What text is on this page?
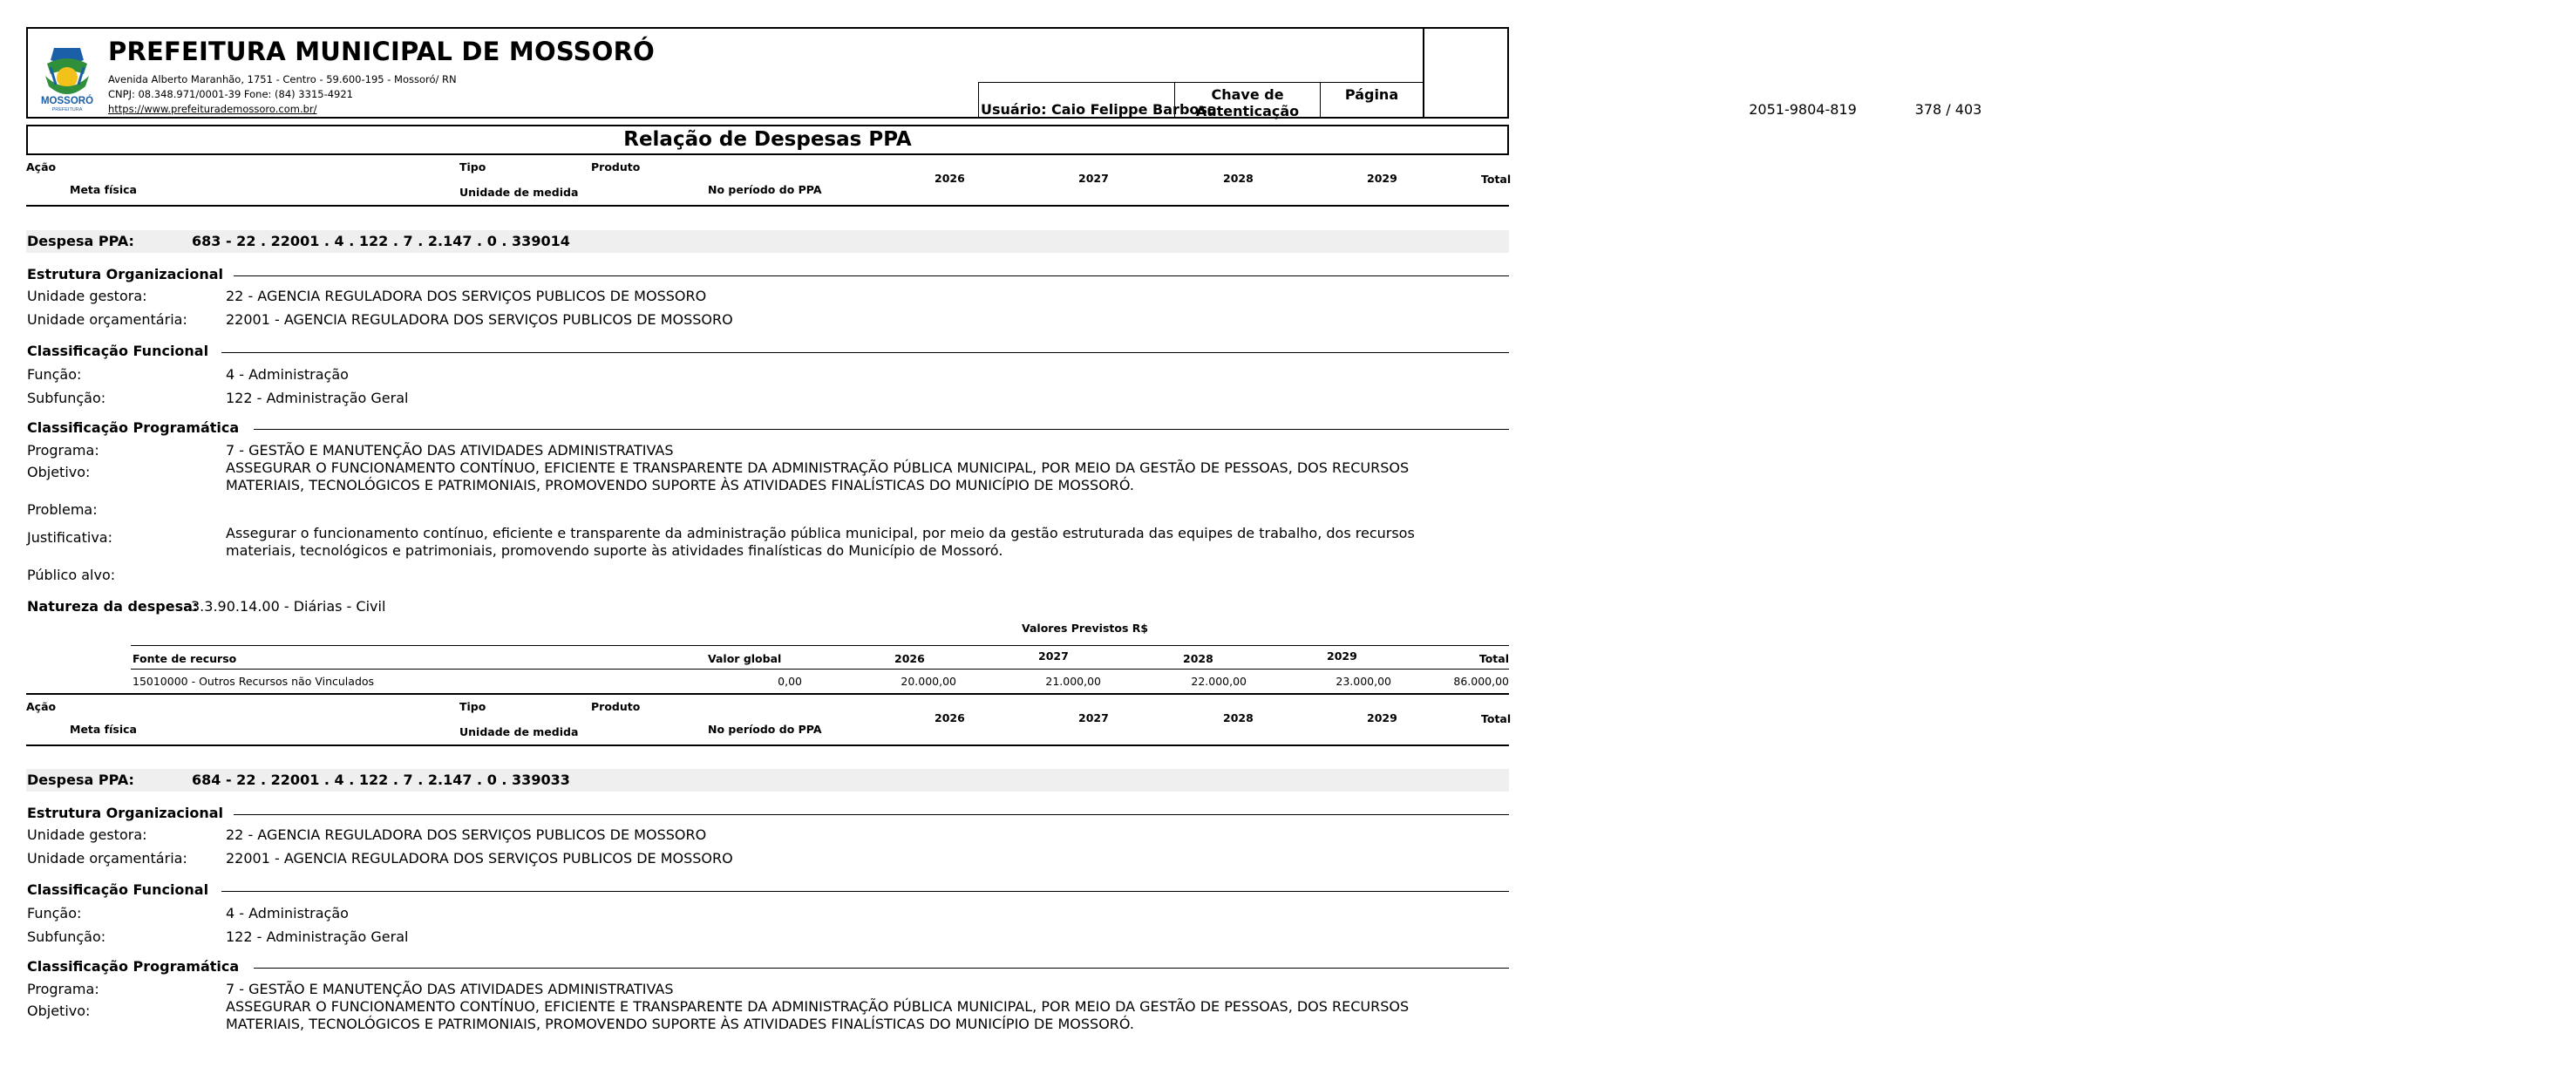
MOSSORÓ
PREFEITURA
PREFEITURA MUNICIPAL DE MOSSORÓ
Avenida Alberto Maranhão, 1751 - Centro - 59.600-195 - Mossoró/ RN
CNPJ: 08.348.971/0001-39 Fone: (84) 3315-4921
https://www.prefeiturademossoro.com.br/	Usuário: Caio Felippe Barbosa
Chave de Autenticação	2051-9804-819
Página
378 / 403
Relação de Despesas PPA
Ação
Meta física
Tipo
Unidade de medida
Produto
No período do PPA
2026	2027	2028	2029	Total
Despesa PPA:	683 - 22 . 22001 . 4 . 122 . 7 . 2.147 . 0 . 339014
Estrutura Organizacional
Unidade gestora:	22 - AGENCIA REGULADORA DOS SERVIÇOS PUBLICOS DE MOSSORO
Unidade orçamentária:	22001 - AGENCIA REGULADORA DOS SERVIÇOS PUBLICOS DE MOSSORO
Classificação Funcional
Função:	4 - Administração
Subfunção:	122 - Administração Geral
Classificação Programática
Programa:	7 - GESTÃO E MANUTENÇÃO DAS ATIVIDADES ADMINISTRATIVAS
Objetivo:	ASSEGURAR O FUNCIONAMENTO CONTÍNUO, EFICIENTE E TRANSPARENTE DA ADMINISTRAÇÃO PÚBLICA MUNICIPAL, POR MEIO DA GESTÃO DE PESSOAS, DOS RECURSOS MATERIAIS, TECNOLÓGICOS E PATRIMONIAIS, PROMOVENDO SUPORTE ÀS ATIVIDADES FINALÍSTICAS DO MUNICÍPIO DE MOSSORÓ.
Problema:
Justificativa:	Assegurar o funcionamento contínuo, eficiente e transparente da administração pública municipal, por meio da gestão estruturada das equipes de trabalho, dos recursos materiais, tecnológicos e patrimoniais, promovendo suporte às atividades finalísticas do Município de Mossoró.
Público alvo:
Natureza da despesa:
3.3.90.14.00 - Diárias - Civil
Valores Previstos R$
Fonte de recurso	Valor global	2026	2027	2028	2029	Total
15010000 - Outros Recursos não Vinculados	0,00	20.000,00	21.000,00	22.000,00	23.000,00	86.000,00
Ação
Meta física
Tipo
Unidade de medida
Produto
No período do PPA
2026	2027	2028	2029	Total
Despesa PPA:	684 - 22 . 22001 . 4 . 122 . 7 . 2.147 . 0 . 339033
Estrutura Organizacional
Unidade gestora:	22 - AGENCIA REGULADORA DOS SERVIÇOS PUBLICOS DE MOSSORO
Unidade orçamentária:	22001 - AGENCIA REGULADORA DOS SERVIÇOS PUBLICOS DE MOSSORO
Classificação Funcional
Função:	4 - Administração
Subfunção:	122 - Administração Geral
Classificação Programática
Programa:	7 - GESTÃO E MANUTENÇÃO DAS ATIVIDADES ADMINISTRATIVAS
Objetivo:	ASSEGURAR O FUNCIONAMENTO CONTÍNUO, EFICIENTE E TRANSPARENTE DA ADMINISTRAÇÃO PÚBLICA MUNICIPAL, POR MEIO DA GESTÃO DE PESSOAS, DOS RECURSOS MATERIAIS, TECNOLÓGICOS E PATRIMONIAIS, PROMOVENDO SUPORTE ÀS ATIVIDADES FINALÍSTICAS DO MUNICÍPIO DE MOSSORÓ.
